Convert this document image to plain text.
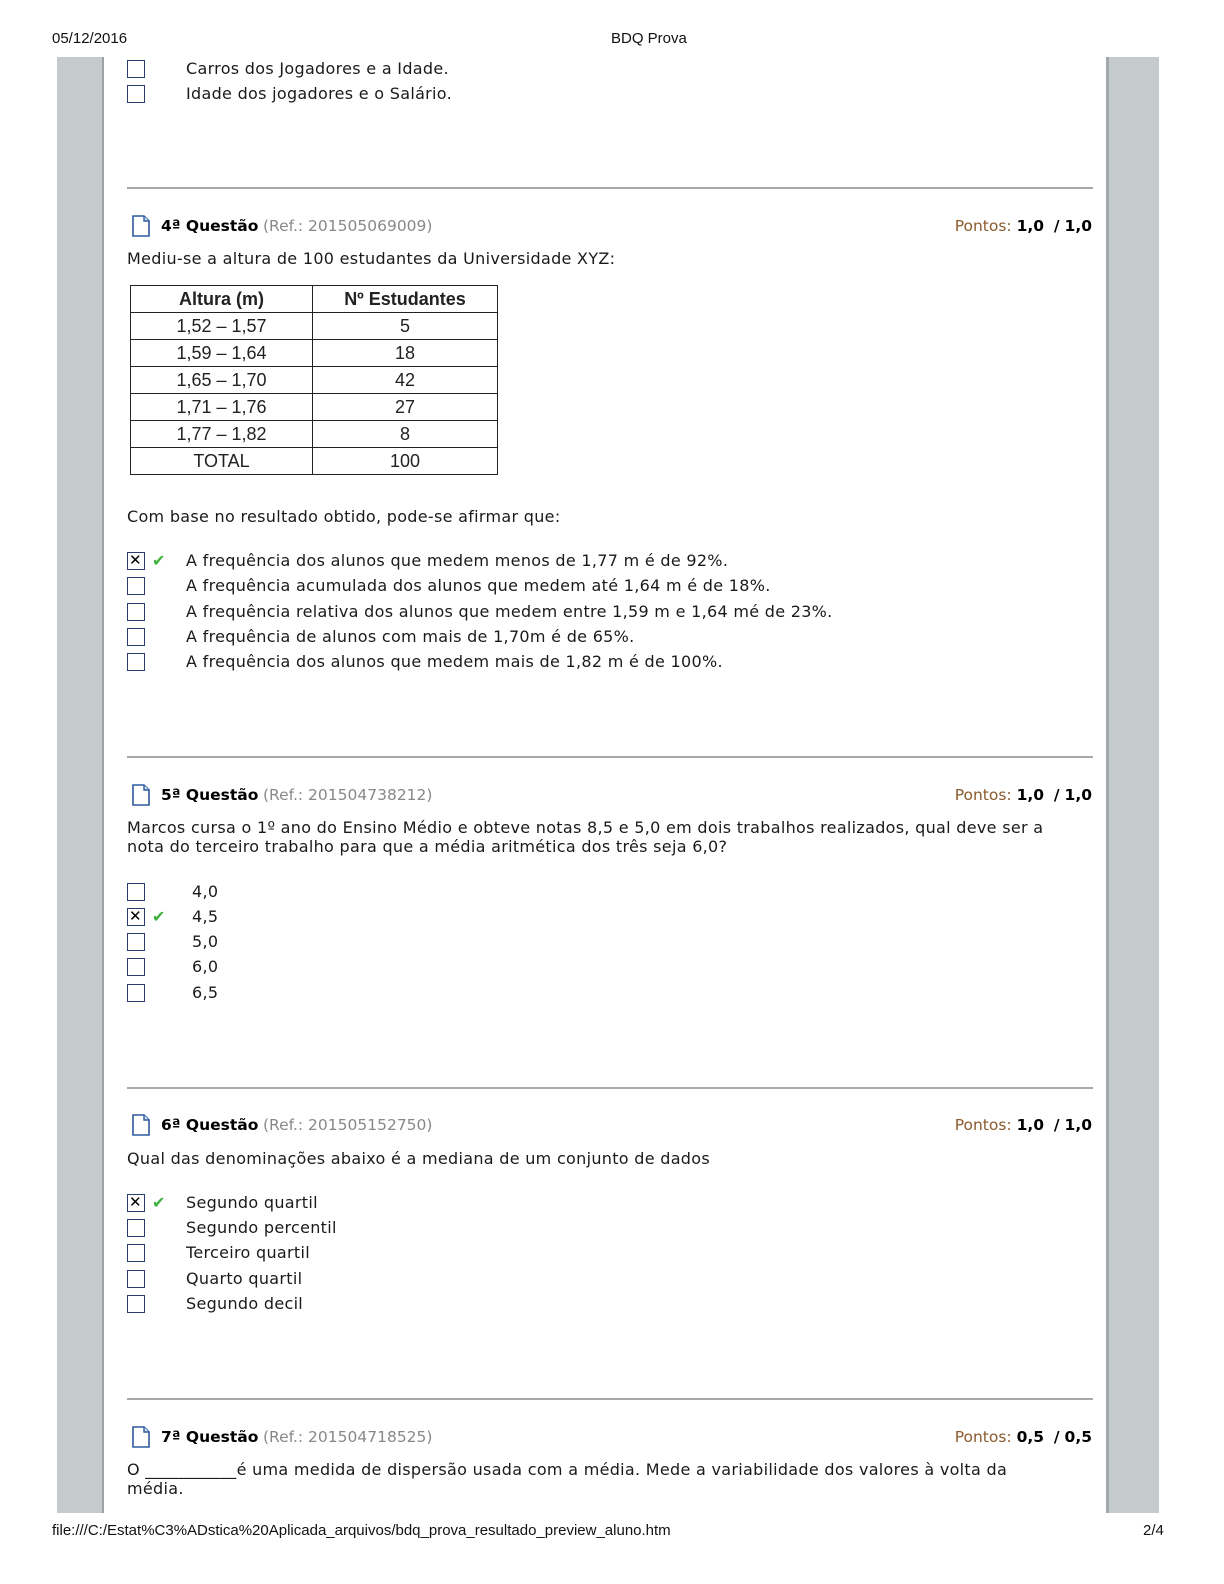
05/12/2016	BDQ Prova
Carros dos Jogadores e a Idade.
Idade dos jogadores e o Salário.
4ª Questão (Ref.: 201505069009)	Pontos: 1,0 / 1,0
Mediu-se a altura de 100 estudantes da Universidade XYZ:
Altura (m)	Nº Estudantes
1,52 – 1,57	5
1,59 – 1,64	18
1,65 – 1,70	42
1,71 – 1,76	27
1,77 – 1,82	8
TOTAL	100
Com base no resultado obtido, pode-se afirmar que:
✕
✔ A frequência dos alunos que medem menos de 1,77 m é de 92%.
A frequência acumulada dos alunos que medem até 1,64 m é de 18%.
A frequência relativa dos alunos que medem entre 1,59 m e 1,64 mé de 23%.
A frequência de alunos com mais de 1,70m é de 65%.
A frequência dos alunos que medem mais de 1,82 m é de 100%.
5ª Questão (Ref.: 201504738212)	Pontos: 1,0 / 1,0
Marcos cursa o 1º ano do Ensino Médio e obteve notas 8,5 e 5,0 em dois trabalhos realizados, qual deve ser a
nota do terceiro trabalho para que a média aritmética dos três seja 6,0?
4,0
✕
✔ 4,5
5,0
6,0
6,5
6ª Questão (Ref.: 201505152750)	Pontos: 1,0 / 1,0
Qual das denominações abaixo é a mediana de um conjunto de dados
✕
✔ Segundo quartil
Segundo percentil
Terceiro quartil
Quarto quartil
Segundo decil
7ª Questão (Ref.: 201504718525)	Pontos: 0,5 / 0,5
O ___________é uma medida de dispersão usada com a média. Mede a variabilidade dos valores à volta da
média.
file:///C:/Estat%C3%ADstica%20Aplicada_arquivos/bdq_prova_resultado_preview_aluno.htm	2/4
